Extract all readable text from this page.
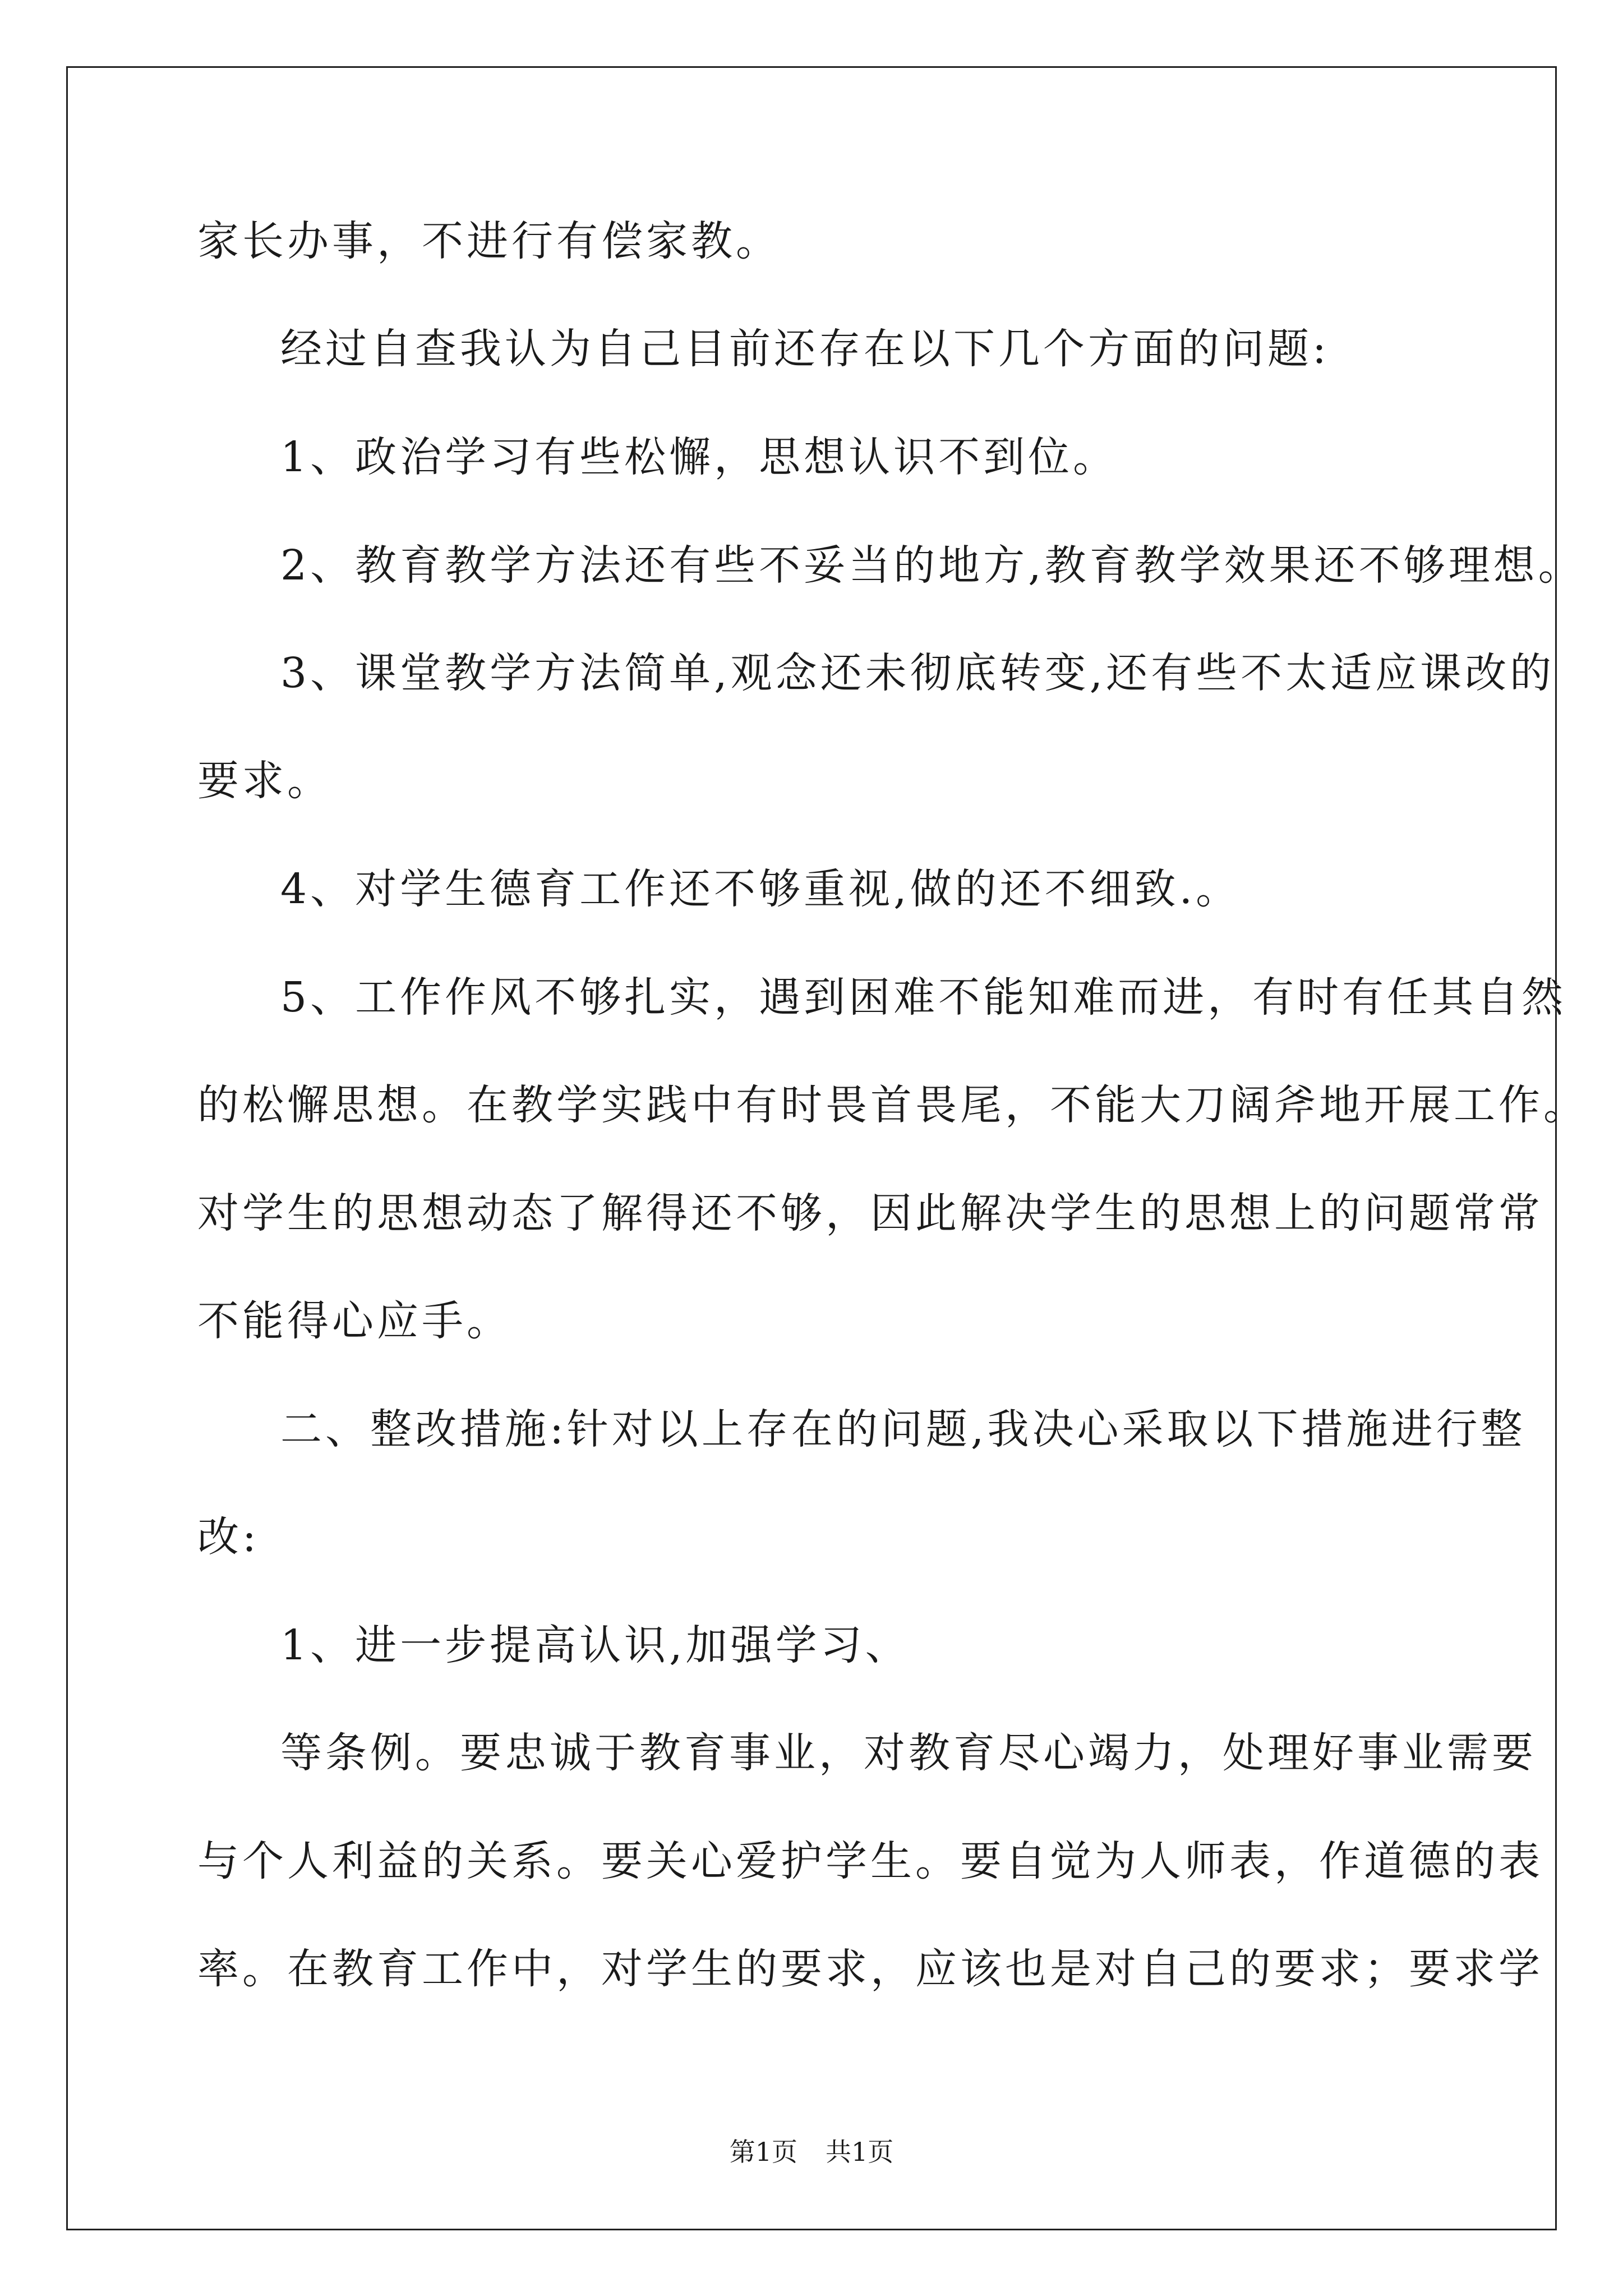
家长办事，不进行有偿家教。
经过自查我认为自己目前还存在以下几个方面的问题:
1、政治学习有些松懈，思想认识不到位。
2、教育教学方法还有些不妥当的地方,教育教学效果还不够理想。
3、课堂教学方法简单,观念还未彻底转变,还有些不太适应课改的
要求。
4、对学生德育工作还不够重视,做的还不细致.。
5、工作作风不够扎实，遇到困难不能知难而进，有时有任其自然
的松懈思想。在教学实践中有时畏首畏尾，不能大刀阔斧地开展工作。
对学生的思想动态了解得还不够，因此解决学生的思想上的问题常常
不能得心应手。
二、整改措施:针对以上存在的问题,我决心采取以下措施进行整
改:
1、进一步提高认识,加强学习、
等条例。要忠诚于教育事业，对教育尽心竭力，处理好事业需要
与个人利益的关系。要关心爱护学生。要自觉为人师表，作道德的表
率。在教育工作中，对学生的要求，应该也是对自己的要求；要求学
第1页 共1页
